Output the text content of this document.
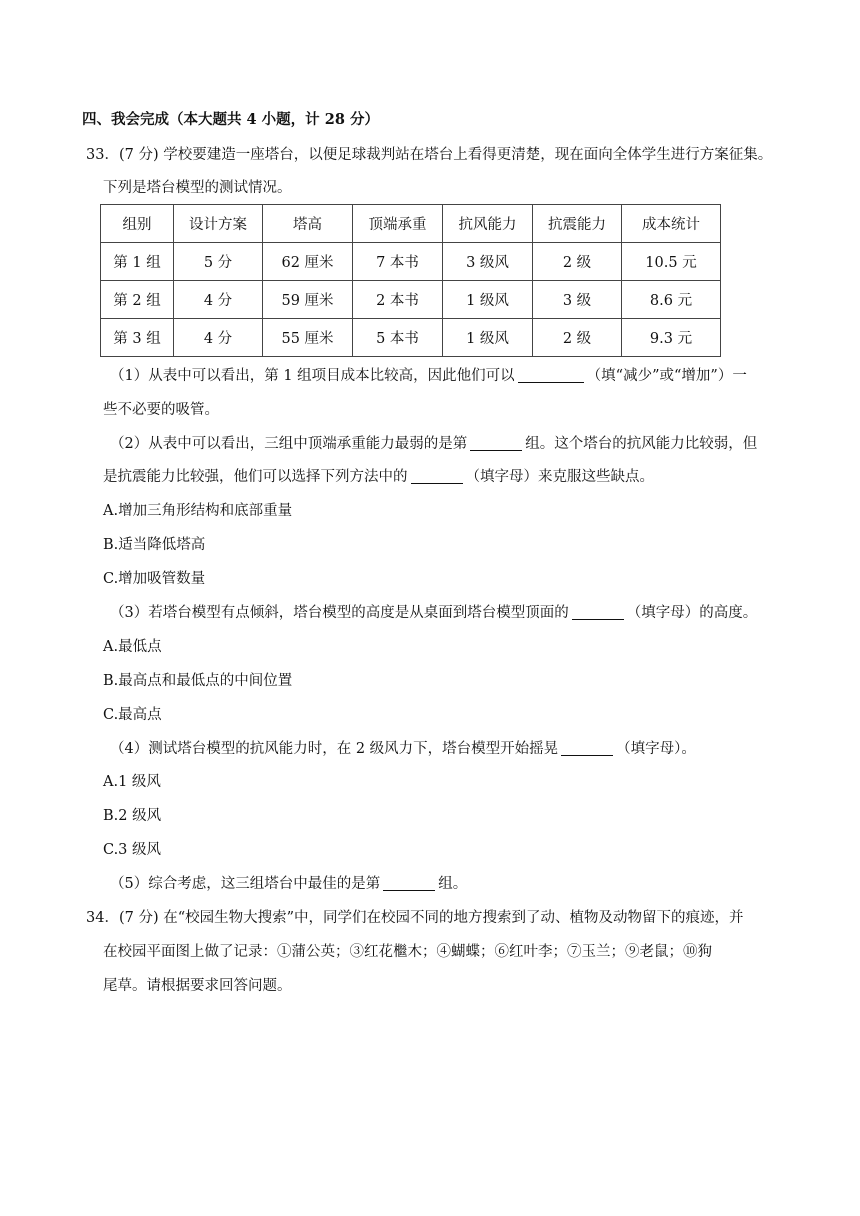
四、我会完成（本大题共 4 小题，计 28 分）
33．(7 分) 学校要建造一座塔台，以便足球裁判站在塔台上看得更清楚，现在面向全体学生进行方案征集。
下列是塔台模型的测试情况。
组别	设计方案	塔高	顶端承重	抗风能力	抗震能力	成本统计
第 1 组	5 分	62 厘米	7 本书	3 级风	2 级	10.5 元
第 2 组	4 分	59 厘米	2 本书	1 级风	3 级	8.6 元
第 3 组	4 分	55 厘米	5 本书	1 级风	2 级	9.3 元
（1）从表中可以看出，第 1 组项目成本比较高，因此他们可以	（填“减少”或“增加”）一
些不必要的吸管。
（2）从表中可以看出，三组中顶端承重能力最弱的是第	组。这个塔台的抗风能力比较弱，但
是抗震能力比较强，他们可以选择下列方法中的	（填字母）来克服这些缺点。
A.增加三角形结构和底部重量
B.适当降低塔高
C.增加吸管数量
（3）若塔台模型有点倾斜，塔台模型的高度是从桌面到塔台模型顶面的	（填字母）的高度。
A.最低点
B.最高点和最低点的中间位置
C.最高点
（4）测试塔台模型的抗风能力时，在 2 级风力下，塔台模型开始摇晃	（填字母）。
A.1 级风
B.2 级风
C.3 级风
（5）综合考虑，这三组塔台中最佳的是第	组。
34．(7 分) 在“校园生物大搜索”中，同学们在校园不同的地方搜索到了动、植物及动物留下的痕迹，并
在校园平面图上做了记录：①蒲公英；③红花檵木；④蝴蝶；⑥红叶李；⑦玉兰；⑨老鼠；⑩狗
尾草。请根据要求回答问题。
